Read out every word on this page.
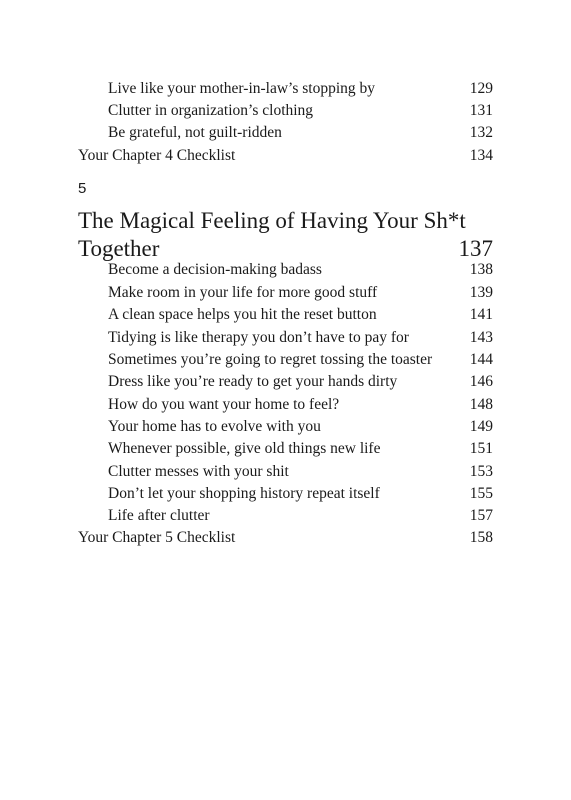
Live like your mother-in-law’s stopping by	129
Clutter in organization’s clothing	131
Be grateful, not guilt-ridden	132
Your Chapter 4 Checklist	134
5
The Magical Feeling of Having Your Sh*t
Together	137
Become a decision-making badass	138
Make room in your life for more good stuff	139
A clean space helps you hit the reset button	141
Tidying is like therapy you don’t have to pay for	143
Sometimes you’re going to regret tossing the toaster 144
Dress like you’re ready to get your hands dirty	146
How do you want your home to feel?	148
Your home has to evolve with you	149
Whenever possible, give old things new life	151
Clutter messes with your shit	153
Don’t let your shopping history repeat itself	155
Life after clutter	157
Your Chapter 5 Checklist	158
